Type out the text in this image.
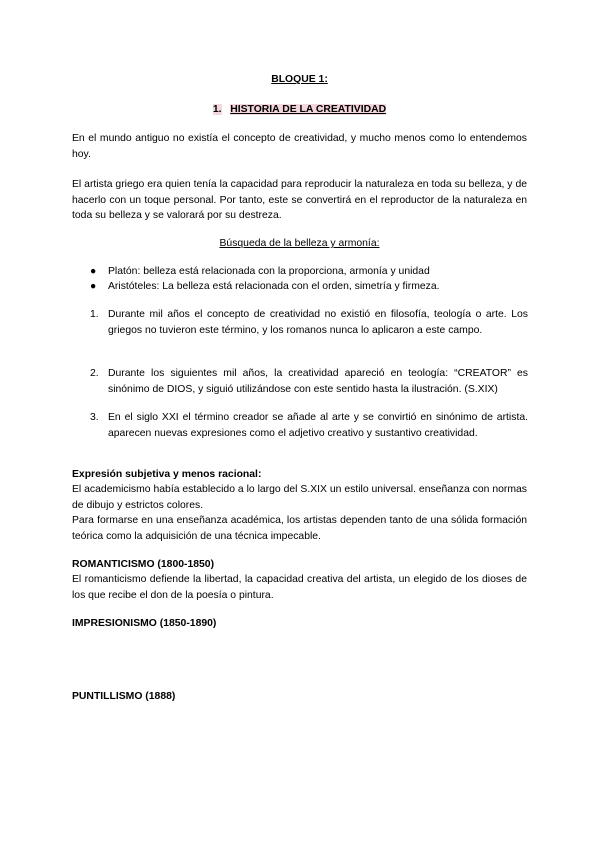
BLOQUE 1:
1. HISTORIA DE LA CREATIVIDAD
En el mundo antiguo no existía el concepto de creatividad, y mucho menos como lo entendemos hoy.
El artista griego era quien tenía la capacidad para reproducir la naturaleza en toda su belleza, y de hacerlo con un toque personal. Por tanto, este se convertirá en el reproductor de la naturaleza en toda su belleza y se valorará por su destreza.
Búsqueda de la belleza y armonía:
● Platón: belleza está relacionada con la proporciona, armonía y unidad
● Aristóteles: La belleza está relacionada con el orden, simetría y firmeza.
1. Durante mil años el concepto de creatividad no existió en filosofía, teología o arte. Los griegos no tuvieron este término, y los romanos nunca lo aplicaron a este campo.
2. Durante los siguientes mil años, la creatividad apareció en teología: “CREATOR” es sinónimo de DIOS, y siguió utilizándose con este sentido hasta la ilustración. (S.XIX)
3. En el siglo XXI el término creador se añade al arte y se convirtió en sinónimo de artista. aparecen nuevas expresiones como el adjetivo creativo y sustantivo creatividad.
Expresión subjetiva y menos racional:
El academicismo había establecido a lo largo del S.XIX un estilo universal. enseñanza con normas de dibujo y estrictos colores.
Para formarse en una enseñanza académica, los artistas dependen tanto de una sólida formación teórica como la adquisición de una técnica impecable.
ROMANTICISMO (1800-1850)
El romanticismo defiende la libertad, la capacidad creativa del artista, un elegido de los dioses de los que recibe el don de la poesía o pintura.
IMPRESIONISMO (1850-1890)
PUNTILLISMO (1888)
